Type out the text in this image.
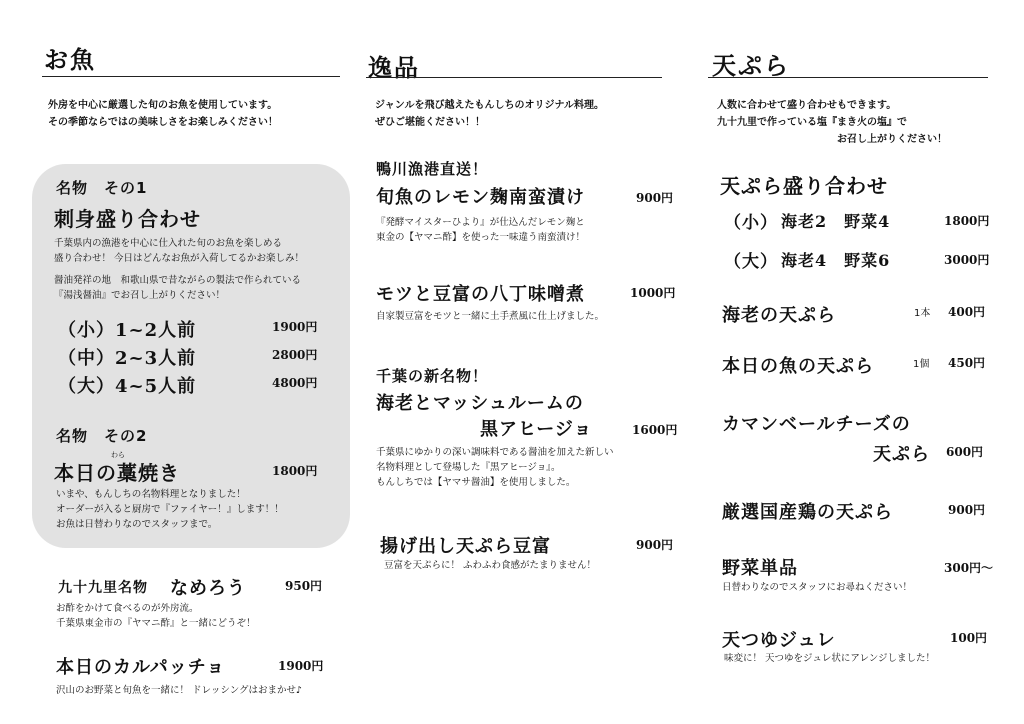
お魚
外房を中心に厳選した旬のお魚を使用しています。
その季節ならではの美味しさをお楽しみください！
名物　その1
刺身盛り合わせ
千葉県内の漁港を中心に仕入れた旬のお魚を楽しめる
盛り合わせ！ 今日はどんなお魚が入荷してるかお楽しみ！
醤油発祥の地　和歌山県で昔ながらの製法で作られている
『湯浅醤油』でお召し上がりください！
（小）1~2人前	1900円
（中）2~3人前	2800円
（大）4~5人前	4800円
名物　その2
わら
本日の藁焼き	1800円
いまや、もんしちの名物料理となりました！
オーダーが入ると厨房で『ファイヤー！』します！！
お魚は日替わりなのでスタッフまで。
九十九里名物 なめろう	950円
お酢をかけて食べるのが外房流。
千葉県東金市の『ヤマニ酢』と一緒にどうぞ！
本日のカルパッチョ	1900円
沢山のお野菜と旬魚を一緒に！ ドレッシングはおまかせ♪
逸品
ジャンルを飛び越えたもんしちのオリジナル料理。
ぜひご堪能ください！！
鴨川漁港直送！
旬魚のレモン麹南蛮漬け	900円
『発酵マイスターひより』が仕込んだレモン麹と
東金の【ヤマニ酢】を使った一味違う南蛮漬け！
モツと豆富の八丁味噌煮	1000円
自家製豆富をモツと一緒に土手煮風に仕上げました。
千葉の新名物！
海老とマッシュルームの
黒アヒージョ	1600円
千葉県にゆかりの深い調味料である醤油を加えた新しい
名物料理として登場した『黒アヒージョ』。
もんしちでは【ヤマサ醤油】を使用しました。
揚げ出し天ぷら豆富	900円
豆富を天ぷらに！ ふわふわ食感がたまりません！
天ぷら
人数に合わせて盛り合わせもできます。
九十九里で作っている塩『まき火の塩』で
お召し上がりください！
天ぷら盛り合わせ
（小） 海老2　野菜4	1800円
（大） 海老4　野菜6	3000円
海老の天ぷら	1本 400円
本日の魚の天ぷら	1個 450円
カマンベールチーズの
天ぷら 600円
厳選国産鶏の天ぷら	900円
野菜単品	300円～
日替わりなのでスタッフにお尋ねください！
天つゆジュレ	100円
味変に！ 天つゆをジュレ状にアレンジしました！
